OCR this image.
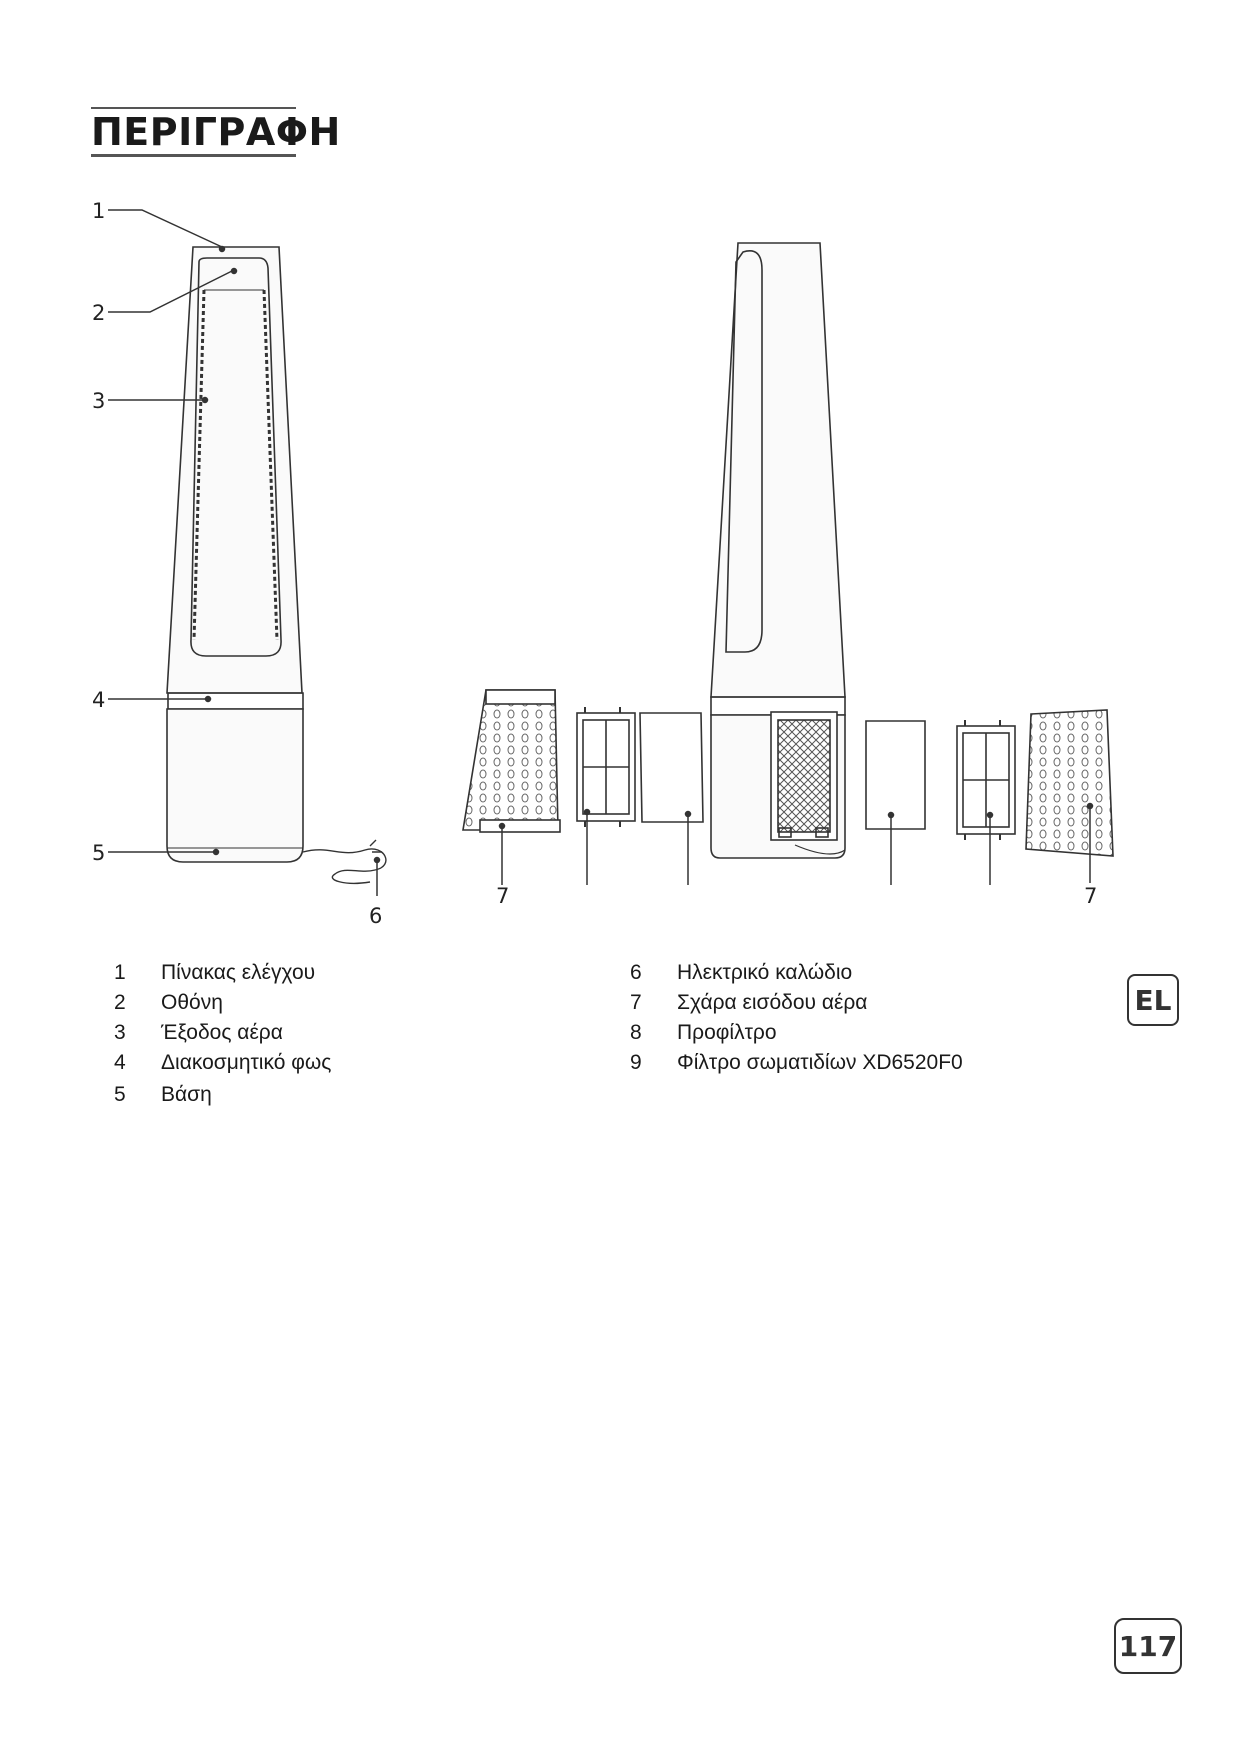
ΠΕΡΙΓΡΑΦΗ
1
2
3
4
5
6
7	7
1	Πίνακας ελέγχου
2	Οθόνη
3	Έξοδος αέρα
4	Διακοσμητικό φως
5	Βάση
6	Ηλεκτρικό καλώδιο
7	Σχάρα εισόδου αέρα
8	Προφίλτρο
9	Φίλτρο σωματιδίων XD6520F0
EL
117
